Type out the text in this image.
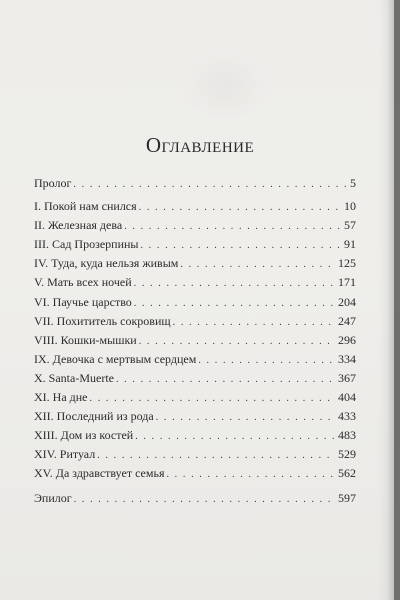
Оглавление
Пролог . . .	5
I. Покой нам снился . . .	10
II. Железная дева . . .	57
III. Сад Прозерпины . . .	91
IV. Туда, куда нельзя живым . . .	125
V. Мать всех ночей . . .	171
VI. Паучье царство . . .	204
VII. Похититель сокровищ . . .	247
VIII. Кошки-мышки . . .	296
IX. Девочка с мертвым сердцем . . .	334
X. Santa-Muerte . . .	367
XI. На дне . . .	404
XII. Последний из рода . . .	433
XIII. Дом из костей . . .	483
XIV. Ритуал . . .	529
XV. Да здравствует семья . . .	562
Эпилог . . .	597
